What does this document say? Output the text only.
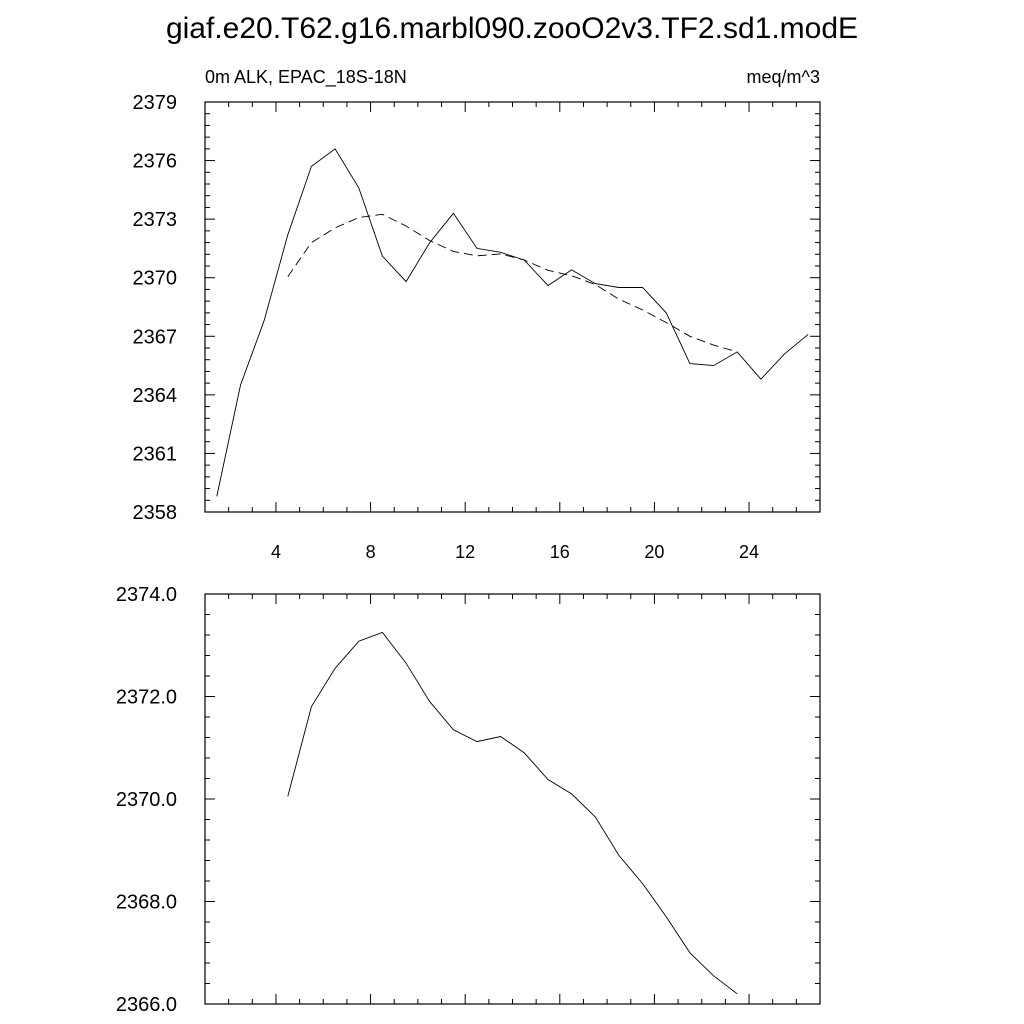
giaf.e20.T62.g16.marbl090.zooO2v3.TF2.sd1.modE
0m ALK, EPAC_18S-18N	meq/m^3
4	8	12	16	20	24
2358
2361
2364
2367
2370
2373
2376
2379
2366.0
2368.0
2370.0
2372.0
2374.0
